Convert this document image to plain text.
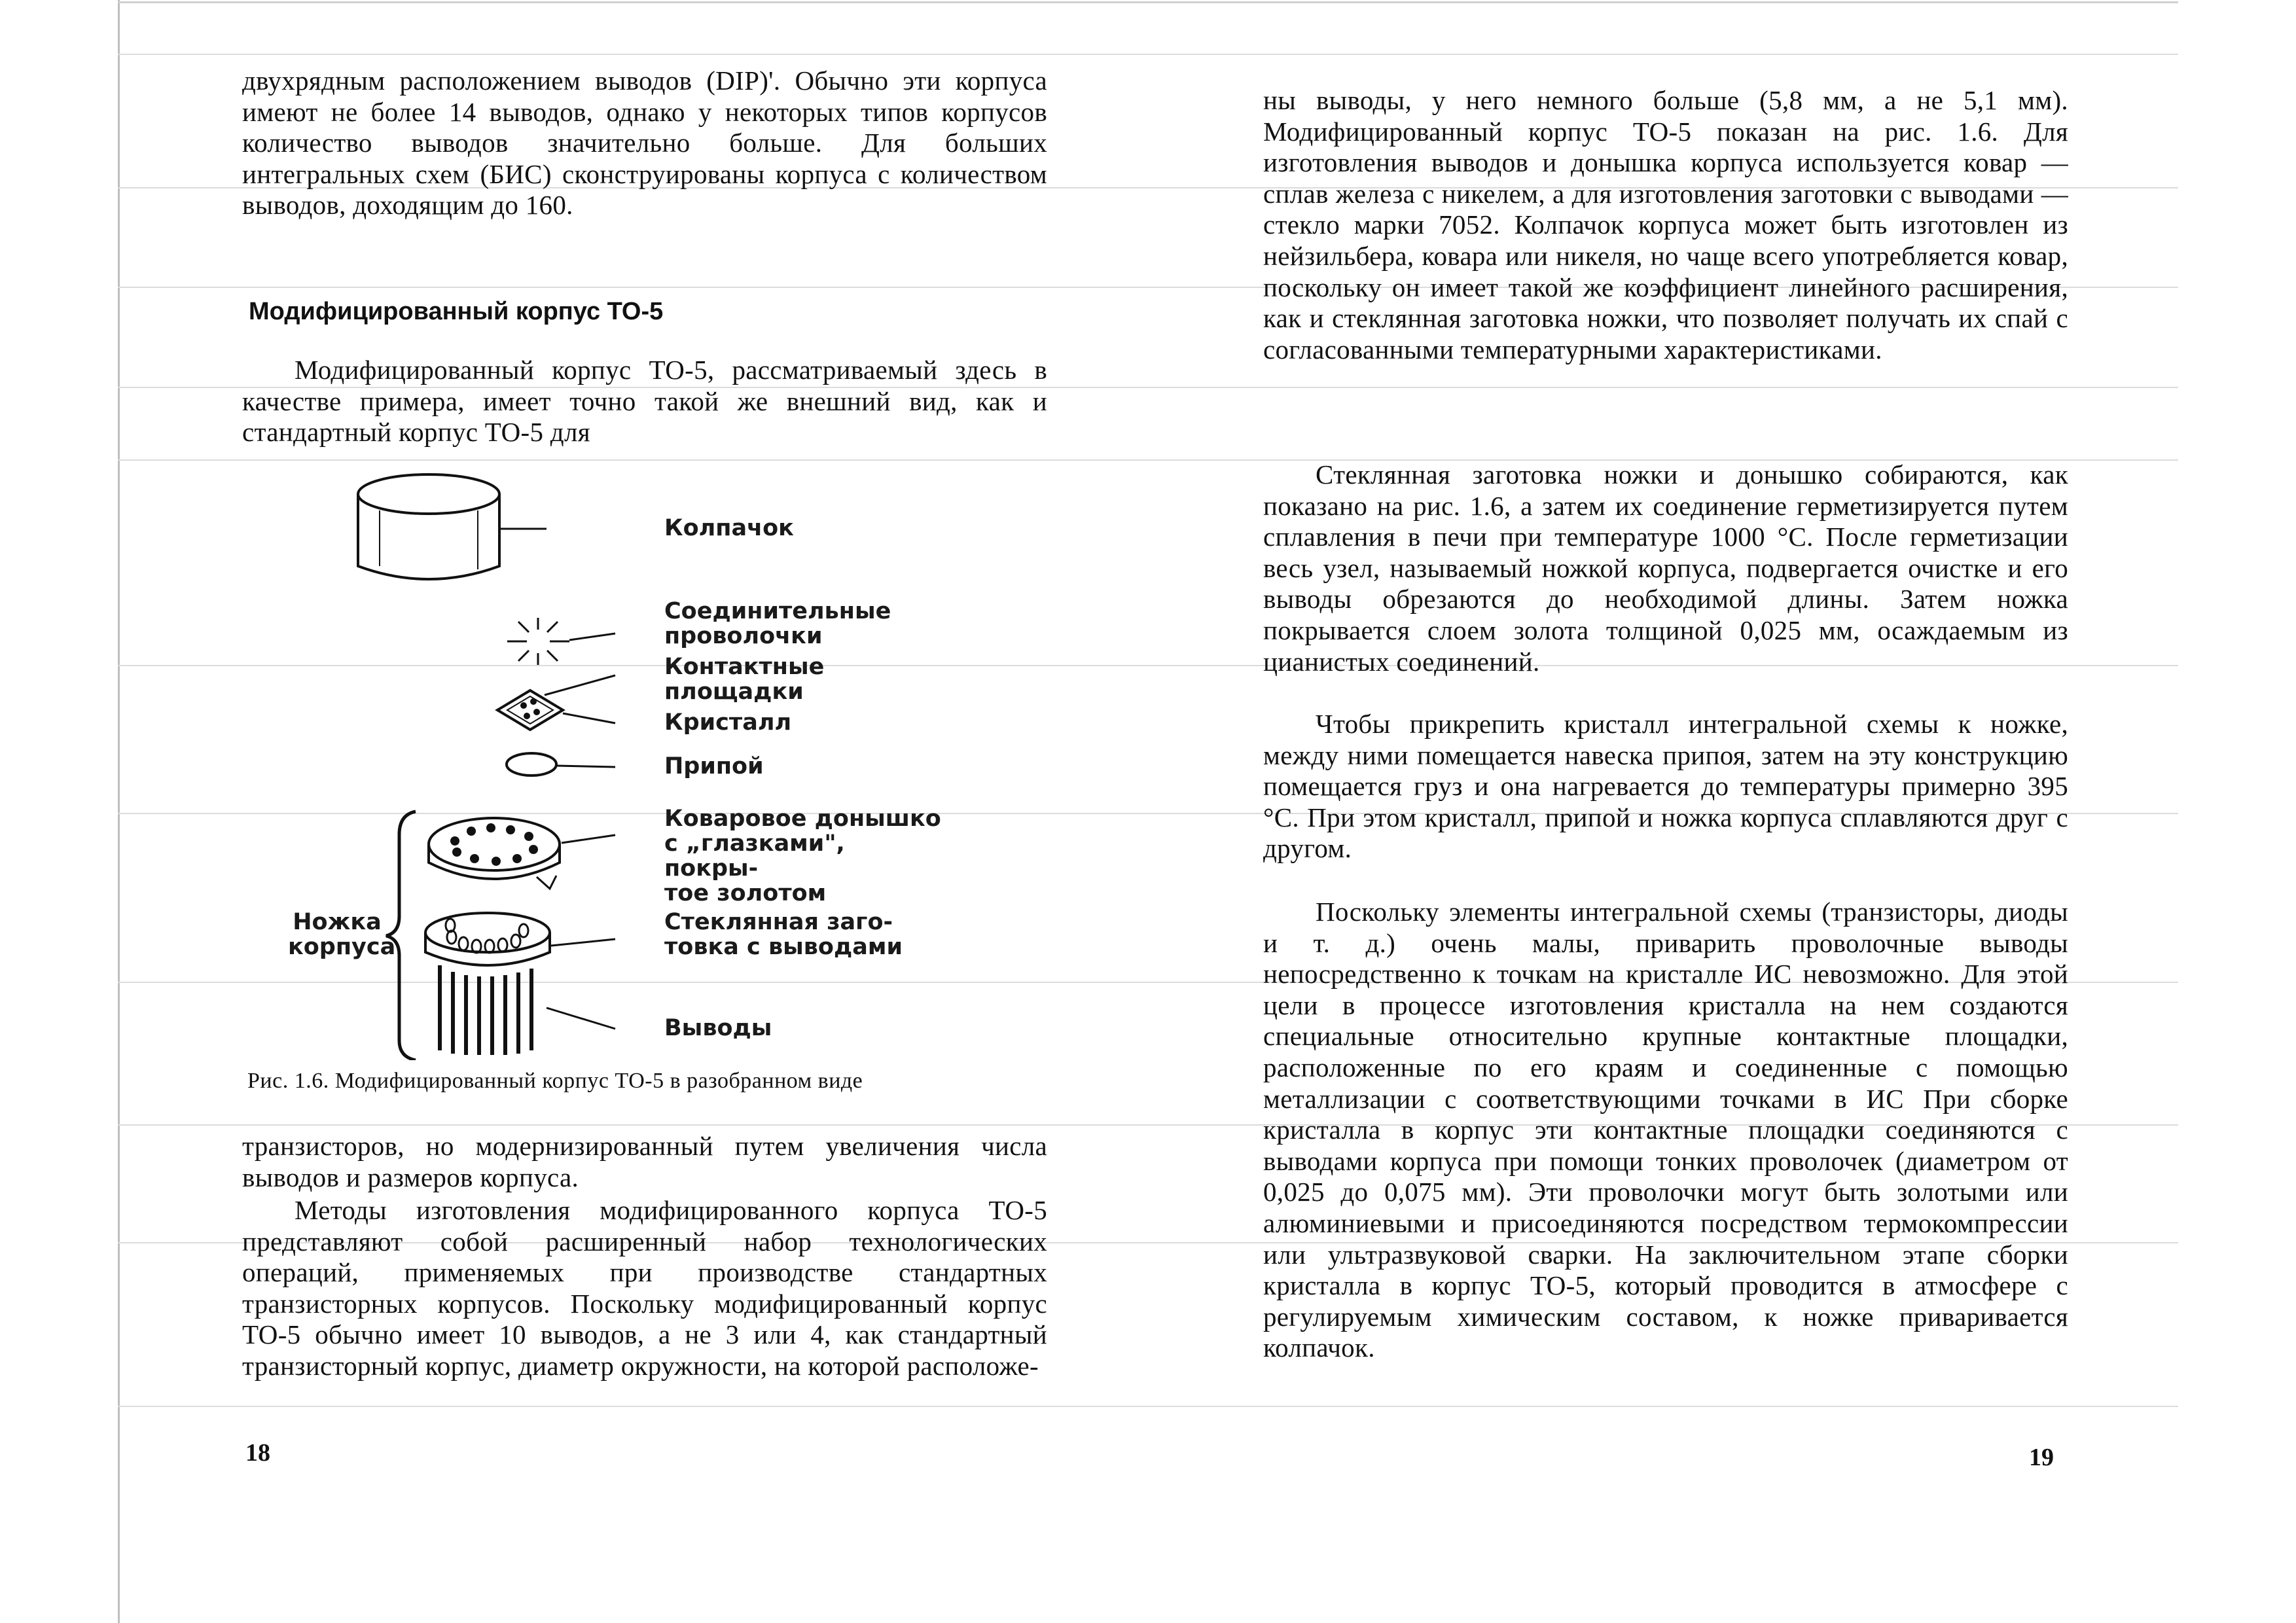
двухрядным расположением выводов (DIP)'. Обычно эти корпуса имеют не более 14 выводов, однако у некоторых типов корпусов количество выводов значительно больше. Для больших интегральных схем (БИС) сконструированы корпуса с количеством выводов, доходящим до 160.

Модифицированный корпус ТО-5

Модифицированный корпус ТО-5, рассматриваемый здесь в качестве примера, имеет точно такой же внешний вид, как и стандартный корпус ТО-5 для

транзисторов, но модернизированный путем увеличения числа выводов и размеров корпуса.

Методы изготовления модифицированного корпуса ТО-5 представляют собой расширенный набор технологических операций, применяемых при производстве стандартных транзисторных корпусов. Поскольку модифицированный корпус ТО-5 обычно имеет 10 выводов, а не 3 или 4, как стандартный транзисторный корпус, диаметр окружности, на которой расположе-

18
Колпачок
Соединительные
проволочки
Контактные
площадки
Кристалл
Припой
Коваровое донышко
с „глазками", покры-
тое золотом
Стеклянная заго-
товка с выводами
Выводы
Ножка
корпуса
Рис. 1.6. Модифицированный корпус ТО-5 в разобранном виде

ны выводы, у него немного больше (5,8 мм, а не 5,1 мм). Модифицированный корпус ТО-5 показан на рис. 1.6. Для изготовления выводов и донышка корпуса используется ковар — сплав железа с никелем, а для изготовления заготовки с выводами — стекло марки 7052. Колпачок корпуса может быть изготовлен из нейзильбера, ковара или никеля, но чаще всего употребляется ковар, поскольку он имеет такой же коэффициент линейного расширения, как и стеклянная заготовка ножки, что позволяет получать их спай с согласованными температурными характеристиками.

Стеклянная заготовка ножки и донышко собираются, как показано на рис. 1.6, а затем их соединение герметизируется путем сплавления в печи при температуре 1000 °С. После герметизации весь узел, называемый ножкой корпуса, подвергается очистке и его выводы обрезаются до необходимой длины. Затем ножка покрывается слоем золота толщиной 0,025 мм, осаждаемым из цианистых соединений.

Чтобы прикрепить кристалл интегральной схемы к ножке, между ними помещается навеска припоя, затем на эту конструкцию помещается груз и она нагревается до температуры примерно 395 °С. При этом кристалл, припой и ножка корпуса сплавляются друг с другом.

Поскольку элементы интегральной схемы (транзисторы, диоды и т. д.) очень малы, приварить проволочные выводы непосредственно к точкам на кристалле ИС невозможно. Для этой цели в процессе изготовления кристалла на нем создаются специальные относительно крупные контактные площадки, расположенные по его краям и соединенные с помощью металлизации с соответствующими точками в ИС При сборке кристалла в корпус эти контактные площадки соединяются с выводами корпуса при помощи тонких проволочек (диаметром от 0,025 до 0,075 мм). Эти проволочки могут быть золотыми или алюминиевыми и присоединяются посредством термокомпрессии или ультразвуковой сварки. На заключительном этапе сборки кристалла в корпус ТО-5, который проводится в атмосфере с регулируемым химическим составом, к ножке приваривается колпачок.

19
